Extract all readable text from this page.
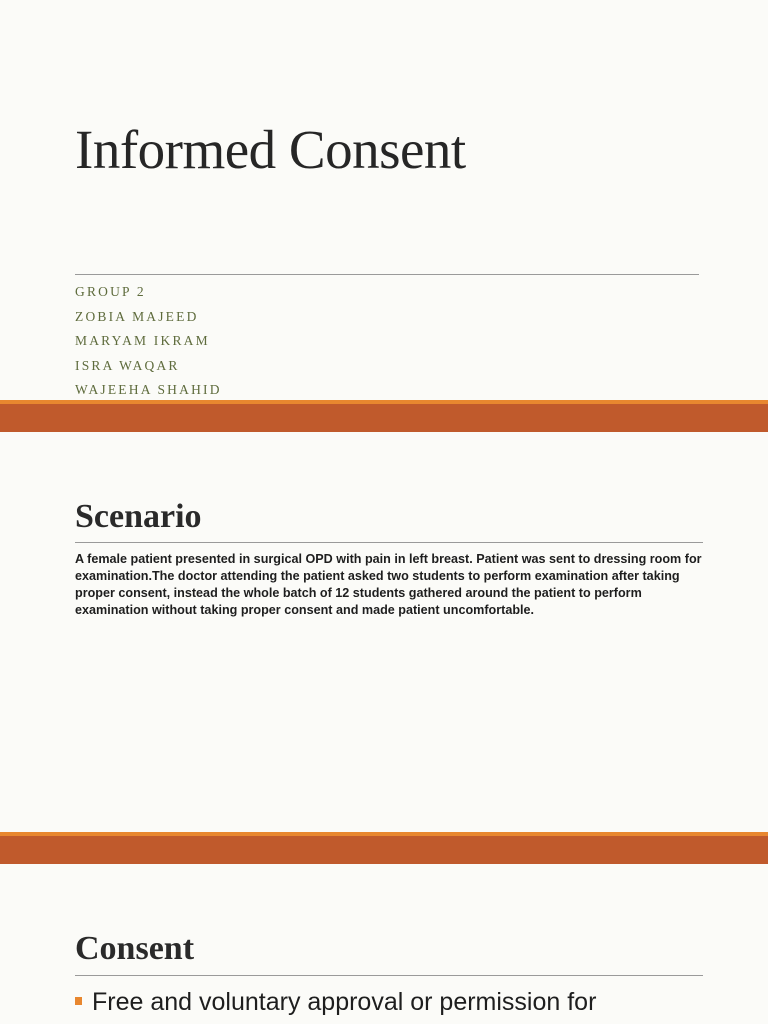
Informed Consent
GROUP 2
ZOBIA MAJEED
MARYAM IKRAM
ISRA WAQAR
WAJEEHA SHAHID
Scenario

A female patient presented in surgical OPD with pain in left breast. Patient was sent to dressing room for examination.The doctor attending the patient asked two students to perform examination after taking proper consent, instead the whole batch of 12 students gathered around the patient to perform examination without taking proper consent and made patient uncomfortable.

Consent
Free and voluntary approval or permission for
